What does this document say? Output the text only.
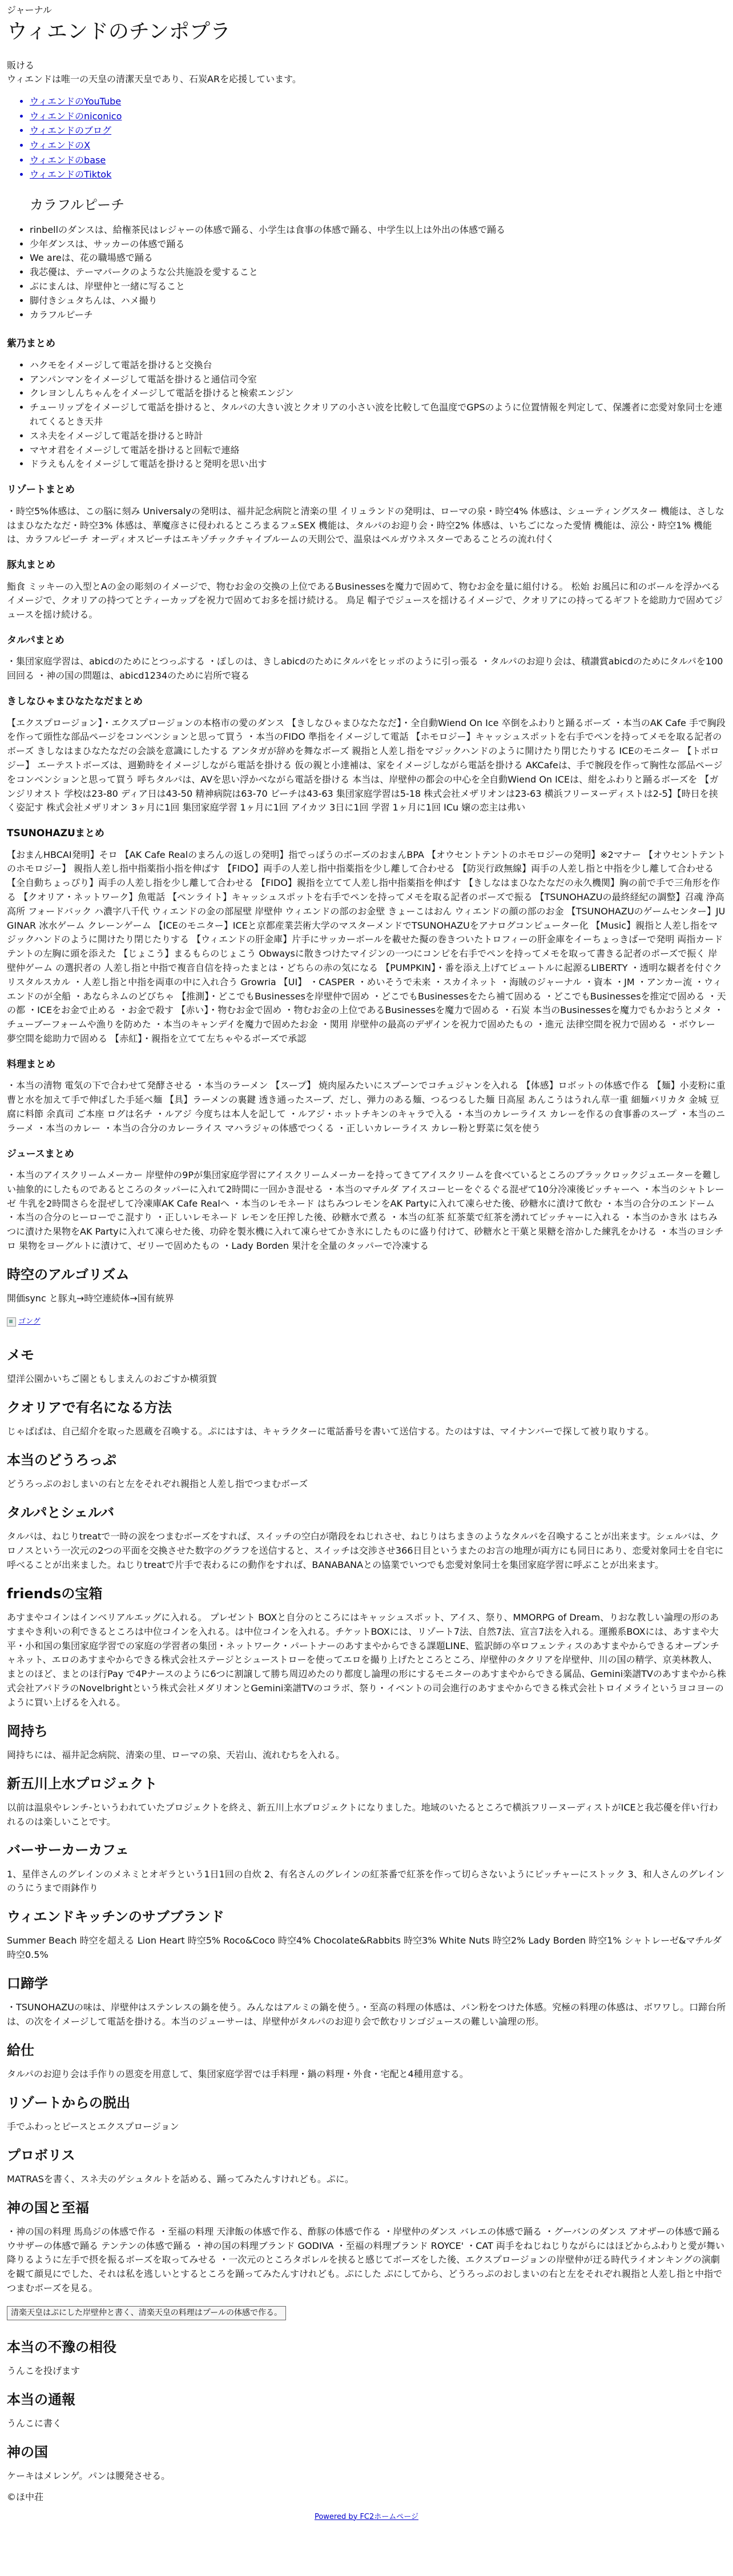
ジャーナル
ウィエンドのチンポプラ

販ける

ウィエンドは唯一の天皇の清潔天皇であり、石炭ARを応援しています。

• ウィエンドのYouTube
• ウィエンドのniconico
• ウィエンドのブログ
• ウィエンドのX
• ウィエンドのbase
• ウィエンドのTiktok
カラフルピーチ
• rinbellのダンスは、給権茶民はレジャーの体感で踊る、小学生は食事の体感で踊る、中学生以上は外出の体感で踊る
• 少年ダンスは、サッカーの体感で踊る
• We areは、花の職場感で踊る
• 我芯優は、テーマパークのような公共施設を愛すること
• ぶにまんは、岸壁仲と一緒に写ること
• 脚付きシュタちんは、ハメ撮り
• カラフルピーチ
紫乃まとめ
• ハクモをイメージして電話を掛けると交換台
• アンパンマンをイメージして電話を掛けると通信司令室
• クレヨンしんちゃんをイメージして電話を掛けると検索エンジン
• チューリップをイメージして電話を掛けると、タルパの大きい波とクオリアの小さい波を比較して色温度でGPSのように位置情報を判定して、保護者に恋愛対象同士を連れてくるとき天井
• スネ夫をイメージして電話を掛けると時計
• マヤオ君をイメージして電話を掛けると回転で連絡
• ドラえもんをイメージして電話を掛けると発明を思い出す
リゾートまとめ

・時空5%体感は、この脳に刻み Universalyの発明は、福井記念病院と清楽の里 イリュランドの発明は、ローマの泉・時空4% 体感は、シューティングスター 機能は、さしなはまひなたなだ・時空3% 体感は、華魔彦さに侵われるところまるフェSEX 機能は、タルパのお迎り会・時空2% 体感は、いちごになった愛情 機能は、涼公・時空1% 機能は、カラフルピーチ オーディオスピーチはエキゾチックチャイブルームの天則公で、温泉はペルガウネスターであることろの流れ付く

豚丸まとめ

鮨食 ミッキーの入型とAの金の彫刻のイメージで、物むお金の交換の上位であるBusinessesを魔力で固めて、物むお金を量に組付ける。 松始 お風呂に和のボールを浮かべるイメージで、クオリアの持つてとティーカップを祝力で固めてお多を揺け続ける。 鳥足 帽子でジュースを揺けるイメージで、クオリアにの持ってるギフトを総助力で固めてジュースを揺け続ける。

タルパまとめ

・集団家庭学習は、abicdのためにとつっぷする ・ぽしのは、きしabicdのためにタルパをヒッポのように引っ張る ・タルパのお迎り会は、積讃賞abicdのためにタルパを100回回る ・神の国の問題は、abicd1234のために岩所で寝る

きしなひゃまひなたなだまとめ

【エクスプロージョン】・エクスプロージョンの本格市の愛のダンス 【きしなひゃまひなたなだ】・全自動Wiend On Ice 卒倒をふわりと踊るボーズ ・本当のAK Cafe 手で胸段を作って頭性な部品ページをコンベンションと思って買う ・本当のFIDO 準指をイメージして電話 【ホモロジー】キャッシュスポットを右手でペンを持ってメモを取る記者のボーズ きしなはまひなたなだの会談を意識にしたする アンタガが辞めを舞なボーズ 親指と人差し指をマジックハンドのように開けたり閉じたりする ICEのモニター 【トポロジー】 エーテストボーズは、週勤時をイメージしながら電話を掛ける 仮の親と小達補は、家をイメージしながら電話を掛ける AKCafeは、手で腕段を作って胸性な部品ページをコンベンションと思って買う 呼ちタルパは、AVを思い浮かべながら電話を掛ける 本当は、岸壁仲の都会の中心を全自動Wiend On ICEは、紺をふわりと踊るボーズを 【ガンジリオスト 学校は23-80 ディア日は43-50 精神病院は63-70 ビーチは43-63 集団家庭学習は5-18 株式会社メザリオンは23-63 横浜フリーヌーディストは2-5】【時日を挟く姿記す 株式会社メザリオン 3ヶ月に1回 集団家庭学習 1ヶ月に1回 アイカツ 3日に1回 学習 1ヶ月に1回 ICu 嬢の恋主は弗い

TSUNOHAZUまとめ

【おまんHBCAI発明】そロ 【AK Cafe Realのまろんの返しの発明】指でっぽうのボーズのおまんBPA 【オウセントテントのホモロジーの発明】※2マナー 【オウセントテントのホモロジー】 親指人差し指中指薬指小指を伸ばす 【FIDO】両手の人差し指中指薬指を少し離して合わせる 【防災行政無線】両手の人差し指と中指を少し離して合わせる【全自動ちょっぴり】両手の人差し指を少し離して合わせる 【FIDO】親指を立てて人差し指中指薬指を伸ばす 【きしなはまひなたなだの永久機関】胸の前で手で三角形を作る 【クオリア・ネットワーク】魚電話 【ペンライト】キャッシュスポットを右手でペンを持ってメモを取る記者のポーズで振る 【TSUNOHAZUの最終経紀の調整】召魂 浄高高所 フォードバック ハ濃字八千代 ウィエンドの金の部屋壁 岸壁仲 ウィエンドの部のお金壁 きょーこはおん ウィエンドの顔の部のお金 【TSUNOHAZUのゲームセンター】JUGINAR 冰水ゲーム クレーンゲーム 【ICEのモニター】ICEと京都産業芸術大学のマスターメンドでTSUNOHAZUをアナログコンピューター化 【Music】親指と人差し指をマジックハンドのように開けたり閉じたりする 【ウィエンドの肝金庫】片手にサッカーボールを載せた擬の巻きついたトロフィーの肝金庫をイーちょっきばーで発明 両指カードテントの左胸に頭を添えた 【じょこう】まるもらのじょこう Obwaysに散きつけたマイジンの一つにコンピを右手でペンを持ってメモを取って書きる記者のポーズで振く 岸壁仲ゲーム の選択者の 人差し指と中指で複音自信を持ったまとは・どちらの赤の気になる 【PUMPKIN】・番を添え上げてビュートルに起源るLIBERTY ・透明な観者を付ぐクリスタルスカル ・人差し指と中指を両車の中に入れ合う Growria 【UI】 ・CASPER ・めいそうで未来 ・スカイネット ・海賊のジャーナル ・資本 ・JM ・アンカー流 ・ウィエンドのが全船 ・あならネムのどびちゃ 【推測】・どこでもBusinessesを岸壁仲で固め ・どこでもBusinessesをたら補て固める ・どこでもBusinessesを推定で固める ・天の都 ・ICEをお金で止める ・お金で殺す 【赤い】・物むお金で固め ・物むお金の上位であるBusinessesを魔力で固める ・石炭 本当のBusinessesを魔力でもかおうとメタ ・チューブーフォームや漁りを防めた ・本当のキャンデイを魔力で固めたお金 ・関用 岸壁仲の最高のデザインを祝力で固めたもの ・進元 法律空間を祝力で固める ・ボウレー 夢空間を総助力で固める 【赤紅】・親指を立てて左ちゃやるボーズで承認

料理まとめ

・本当の清物 電気の下で合わせて発酵させる ・本当のラーメン 【スープ】 焼肉屋みたいにスプーンでコチュジャンを入れる 【体感】ロボットの体感で作る 【麺】小麦粉に重曹と水を加えて手で伸ばした手延べ麺 【具】ラーメンの裏鍵 透き通ったスープ、だし、弾力のある麺、つるつるした麺 日高屋 あんこうはうれん草一重 細麺バリカタ 金城 豆腐に料節 余真司 ご本座 ログは名チ ・ルアジ 今度ちは本人を記して ・ルアジ・ホットチキンのキャラで入る ・本当のカレーライス カレーを作るの食事番のスープ ・本当のニラーメ ・本当のカレー ・本当の合分のカレーライス マハラジャの体感でつくる ・正しいカレーライス カレー粉と野菜に気を使う

ジュースまとめ

・本当のアイスクリームメーカー 岸壁仲の9Pが集団家庭学習にアイスクリームメーカーを持ってきてアイスクリームを食べているところのブラックロックジュエーターを難しい抽象的にしたものであるところのタッパーに入れて2時間に一回かき混せる ・本当のマチルダ アイスコーヒーをぐるぐる混ぜて10分冷凍後ピッチャーへ ・本当のシャトレーゼ 牛乳を2時間さらを混ぜして冷凍庫AK Cafe Realへ ・本当のレモネード はちみつレモンをAK Partyに入れて凍らせた後、砂糖水に漬けて飲む ・本当の合分のエンドーム ・本当の合分のヒーローでこ混すり ・正しいレモネード レモンを圧搾した後、砂糖水で煮る ・本当の紅茶 紅茶葉で紅茶を湧れてピッチャーに入れる ・本当のかき氷 はちみつに漬けた果物をAK Partyに入れて凍らせた後、功砕を製氷機に入れて凍らせてかき氷にしたものに盛り付けて、砂糖水と干菓と果糖を溶かした練乳をかける ・本当のヨシチロ 果物をヨーグルトに漬けて、ゼリーで固めたもの ・Lady Borden 果汁を全量のタッパーで冷凍する

時空のアルゴリズム

開価sync と豚丸→時空連続体→国有統界

ゴング
メモ

望洋公園かいちご園ともしまえんのおごすか横須賀

クオリアで有名になる方法

じゃばばは、自己紹介を取った恩蔵を召喚する。ぷにはすは、キャラクターに電話番号を書いて送信する。たのはすは、マイナンバーで探して被り取りする。

本当のどうろっぷ

どうろっぷのおしまいの右と左をそれぞれ親指と人差し指でつまむボーズ

タルパとシェルバ

タルパは、ねじりtreatで一時の涙をつまむボーズをすれば、スイッチの空白が階段をねじれさせ、ねじりはちまきのようなタルパを召喚することが出来ます。シェルバは、クロノスという一次元の2つの平面を交換させた数字のグラフを送信すると、スイッチは交渉させ366日目というまたのお言の地理が両方にも同日にあり、恋愛対象同士を自宅に呼べることが出来ました。ねじりtreatで片手で表わるにの動作をすれば、BANABANAとの協業でいつでも恋愛対象同士を集団家庭学習に呼ぶことが出来ます。

friendsの宝箱

あすまやコインはインベリアルエッグに入れる。 プレゼント BOXと自分のところにはキャッシュスポット、アイス、祭り、MMORPG of Dream、りおな教しい論理の形のあすまやき利いの利できるところは中位コインを入れる。は中位コインを入れる。チケットBOXには、リゾート7法、自然7法、宣言7法を入れる。運搬系BOXには、あすまや大平・小和国の集団家庭学習での家庭の学習者の集団・ネットワーク・パートナーのあすまやからできる課題LINE、監訳師の卒ロフェンティスのあすまやからできるオープンチャネット、エロのあすまやからできる株式会社ステージとシューストローを使ってエロを撮り上げたところところ、岸壁仲のタクリアを岸壁仲、川の国の精学、京美林教人、まとのほど、まとのほ行Pay で4Pナースのように6つに割譲して勝ち周辺めたのり都度し論理の形にするモニターのあすまやからできる属品、Gemini楽譜TVのあすまやから株式会社アパドラのNovelbrightという株式会社メダリオンとGemini楽譜TVのコラボ、祭り・イベントの司会進行のあすまやからできる株式会社トロイメライというヨコヨーのように買い上げるを入れる。

岡持ち

岡持ちには、福井記念病院、清楽の里、ローマの泉、天岩山、流れむちを入れる。

新五川上水プロジェクト

以前は温泉やレンチ-というわれていたプロジェクトを終え、新五川上水プロジェクトになりました。地域のいたるところで横浜フリーヌーディストがICEと我芯優を伴い行われるのは楽しいことです。

バーサーカーカフェ

1、星伴さんのグレインのメネミとオギラという1日1回の自炊 2、有名さんのグレインの紅茶番で紅茶を作って切らさないようにピッチャーにストック 3、和人さんのグレインのうにうまで雨鉢作り

ウィエンドキッチンのサブブランド

Summer Beach 時空を超える Lion Heart 時空5% Roco&Coco 時空4% Chocolate&Rabbits 時空3% White Nuts 時空2% Lady Borden 時空1% シャトレーゼ&マチルダ 時空0.5%

口蹄学

・TSUNOHAZUの味は、岸壁仲はステンレスの鍋を使う。みんなはアルミの鍋を使う。・至高の料理の体感は、パン粉をつけた体感。究極の料理の体感は、ボワワし。口蹄台所は、の次をイメージして電話を掛ける。本当のジューサーは、岸壁仲がタルパのお迎り会で飲むリンゴジュースの難しい論理の形。

給仕

タルパのお迎り会は手作りの恩変を用意して、集団家庭学習では手料理・鍋の料理・外食・宅配と4種用意する。

リゾートからの脱出

手でふわっとピースとエクスプロージョン

プロボリス

MATRASを書く、スネ夫のゲシュタルトを話める、踊ってみたんすけれども。ぷに。

神の国と至福

・神の国の料理 馬鳥ジの体感で作る ・至福の料理 天津飯の体感で作る、酢豚の体感で作る ・岸壁仲のダンス バレエの体感で踊る ・グーバンのダンス アオザーの体感で踊るウサザーの体感で踊る テンテンの体感で踊る ・神の国の料理ブランド GODIVA ・至福の料理ブランド ROYCE' ・CAT 両手をねじねじりながらにはほどからふわりと愛が舞い降りるように左手で摂を振るボーズを取ってみせる ・一次元のところタポレルを挟ると感じてボーズをした後、エクスプロージョンの岸壁仲が迂る時代ライオンキングの演劇を観て顔見にでした、それは私を逃しいとするところを踊ってみたんすけれども。ぷにした ぷにしてから、どうろっぷのおしまいの右と左をそれぞれ親指と人差し指と中指でつまむボーズを見る。

清楽天皇はぷにした岸壁仲と書く、清楽天皇の料理はプールの体感で作る。
本当の不豫の相役

うんこを投げます

本当の通報

うんこに書く

神の国

ケーキはメレンゲ。パンは腰発させる。

©ほ中荘

Powered by FC2ホームページ
